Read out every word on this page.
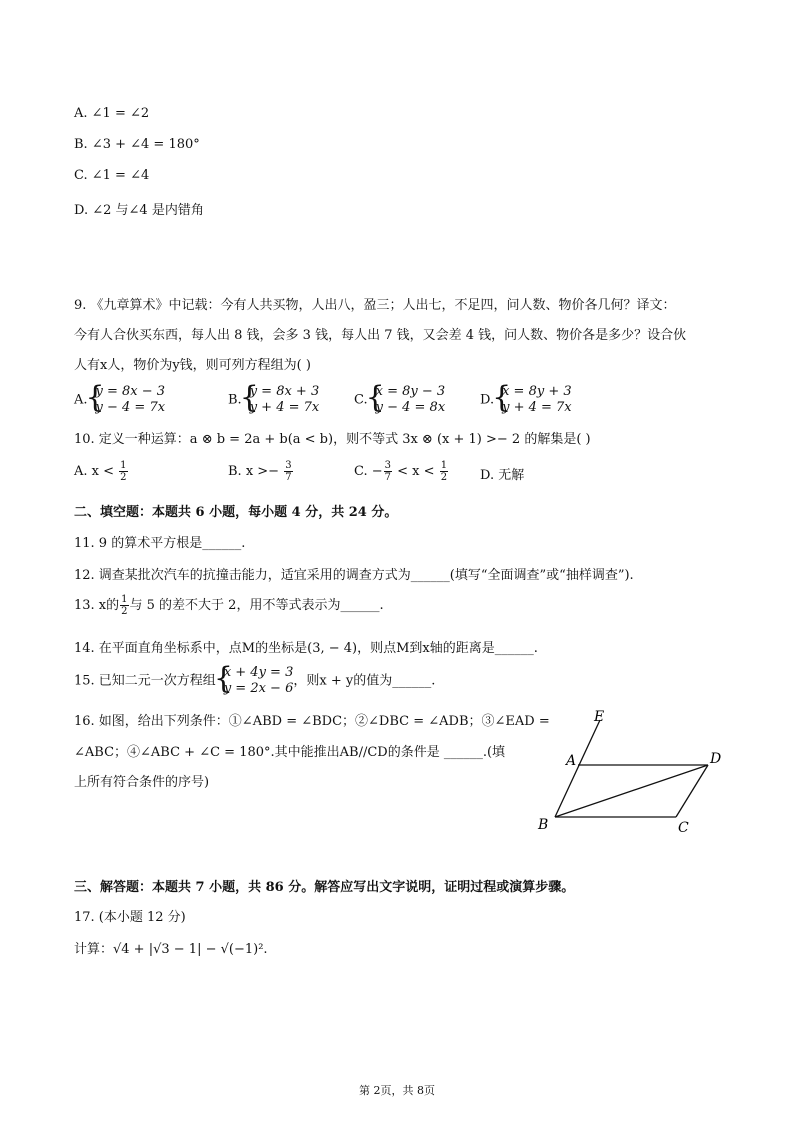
A. ∠1 = ∠2
B. ∠3 + ∠4 = 180°
C. ∠1 = ∠4
D. ∠2 与∠4 是内错角
9. 《九章算术》中记载：今有人共买物，人出八，盈三；人出七，不足四，问人数、物价各几何？译文：
今有人合伙买东西，每人出 8 钱，会多 3 钱，每人出 7 钱，又会差 4 钱，问人数、物价各是多少？设合伙
人有x人，物价为y钱，则可列方程组为( )
A.
{ y = 8x − 3
y − 4 = 7x	B.
{ y = 8x + 3
y + 4 = 7x	C.
{ x = 8y − 3
y − 4 = 8x	D.
{ x = 8y + 3
y + 4 = 7x
10. 定义一种运算：a ⊗ b = 2a + b(a < b)，则不等式 3x ⊗ (x + 1) >− 2 的解集是( )
A. $x < \frac{1}{2}$	B. $x >- \frac{3}{7}$	C. − $\frac{3}{7} < x < \frac{1}{2} D$. 无解
二、填空题：本题共 6 小题，每小题 4 分，共 24 分。
11. 9 的算术平方根是______.
12. 调查某批次汽车的抗撞击能力，适宜采用的调查方式为______(填写“全面调查”或“抽样调查”).
13. x的 $\frac{1}{2}$ 与 5 的差不大于 2，用不等式表示为______.
14. 在平面直角坐标系中，点M的坐标是(3, − 4)，则点M到x轴的距离是______.
15. 已知二元一次方程组
{ x + 4y = 3
y = 2x − 6 ，则x + y的值为______.
16. 如图，给出下列条件：①∠ABD = ∠BDC；②∠DBC = ∠ADB；③∠EAD =
∠ABC；④∠ABC + ∠C = 180°.其中能推出AB//CD的条件是 ______.(填
上所有符合条件的序号)
E
A	D
B	C
三、解答题：本题共 7 小题，共 86 分。解答应写出文字说明，证明过程或演算步骤。
17. (本小题 12 分)
计算：√4 + |√3 − 1| − √(−1)².
第 2页，共 8页
